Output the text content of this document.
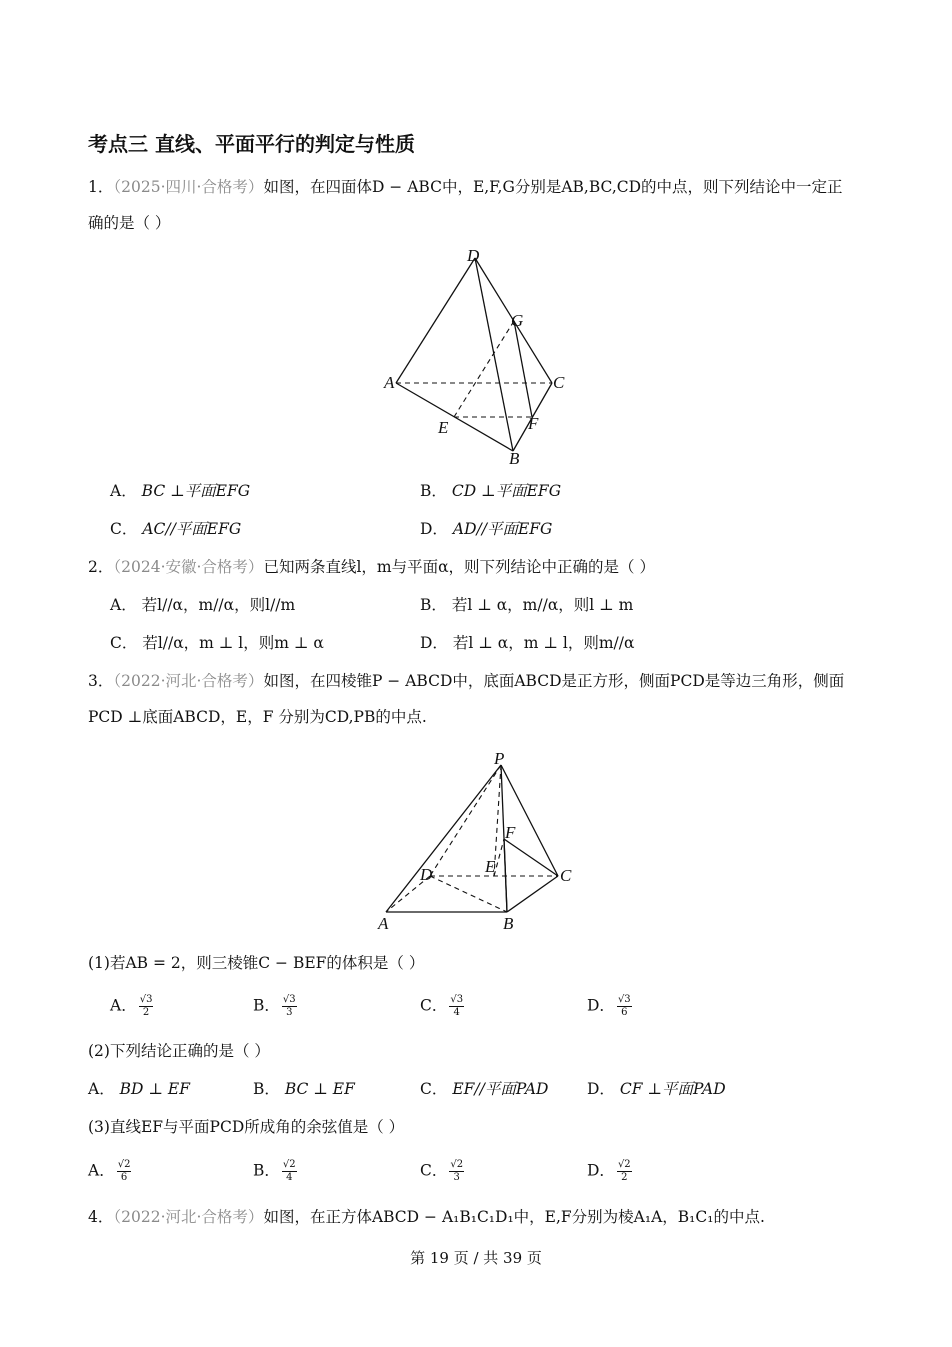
考点三 直线、平面平行的判定与性质
1．（2025·四川·合格考）如图，在四面体D − ABC中，E,F,G分别是AB,BC,CD的中点，则下列结论中一定正
确的是（ ）
D
G
A	C
E	F
B
A． BC ⊥平面EFG	B． CD ⊥平面EFG
C． AC//平面EFG	D． AD//平面EFG
2．（2024·安徽·合格考）已知两条直线l，m与平面α，则下列结论中正确的是（ ）
A． 若l//α，m//α，则l//m	B． 若l ⊥ α，m//α，则l ⊥ m
C． 若l//α，m ⊥ l，则m ⊥ α	D． 若l ⊥ α，m ⊥ l，则m//α
3．（2022·河北·合格考）如图，在四棱锥P − ABCD中，底面ABCD是正方形，侧面PCD是等边三角形，侧面
PCD ⊥底面ABCD，E，F 分别为CD,PB的中点.
P
F
E
D	C
A	B
(1)若AB = 2，则三棱锥C − BEF的体积是（ ）
A． $\frac{√3}{2}$	B． $\frac{√3}{3}$	C． $\frac{√3}{4}$	D． $\frac{√3}{6}$
(2)下列结论正确的是（ ）
A． BD ⊥ EF	B． BC ⊥ EF	C． EF//平面PAD D． CF ⊥平面PAD
(3)直线EF与平面PCD所成角的余弦值是（ ）
A． $\frac{√2}{6}$	B． $\frac{√2}{4}$	C． $\frac{√2}{3}$	D． $\frac{√2}{2}$
4．（2022·河北·合格考）如图，在正方体ABCD − A₁B₁C₁D₁中，E,F分别为棱A₁A，B₁C₁的中点.
第 19 页 / 共 39 页
